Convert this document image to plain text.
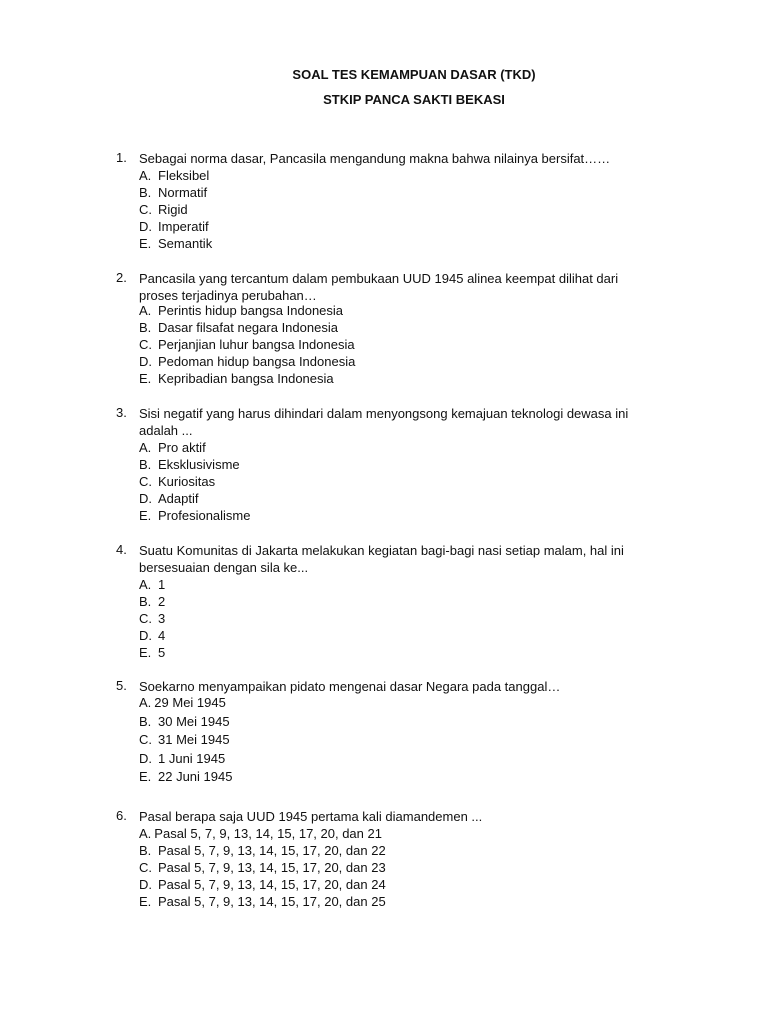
SOAL TES KEMAMPUAN DASAR (TKD)
STKIP PANCA SAKTI BEKASI
1. Sebagai norma dasar, Pancasila mengandung makna bahwa nilainya bersifat……
A. Fleksibel
B. Normatif
C. Rigid
D. Imperatif
E. Semantik
2. Pancasila yang tercantum dalam pembukaan UUD 1945 alinea keempat dilihat dari proses terjadinya perubahan…
A. Perintis hidup bangsa Indonesia
B. Dasar filsafat negara Indonesia
C. Perjanjian luhur bangsa Indonesia
D. Pedoman hidup bangsa Indonesia
E. Kepribadian bangsa Indonesia
3. Sisi negatif yang harus dihindari dalam menyongsong kemajuan teknologi dewasa ini adalah ...
A. Pro aktif
B. Eksklusivisme
C. Kuriositas
D. Adaptif
E. Profesionalisme
4. Suatu Komunitas di Jakarta melakukan kegiatan bagi-bagi nasi setiap malam, hal ini bersesuaian dengan sila ke...
A. 1
B. 2
C. 3
D. 4
E. 5
5. Soekarno menyampaikan pidato mengenai dasar Negara pada tanggal…
A. 29 Mei 1945
B. 30 Mei 1945
C. 31 Mei 1945
D. 1 Juni 1945
E. 22 Juni 1945
6. Pasal berapa saja UUD 1945 pertama kali diamandemen ...
A. Pasal 5, 7, 9, 13, 14, 15, 17, 20, dan 21
B. Pasal 5, 7, 9, 13, 14, 15, 17, 20, dan 22
C. Pasal 5, 7, 9, 13, 14, 15, 17, 20, dan 23
D. Pasal 5, 7, 9, 13, 14, 15, 17, 20, dan 24
E. Pasal 5, 7, 9, 13, 14, 15, 17, 20, dan 25
